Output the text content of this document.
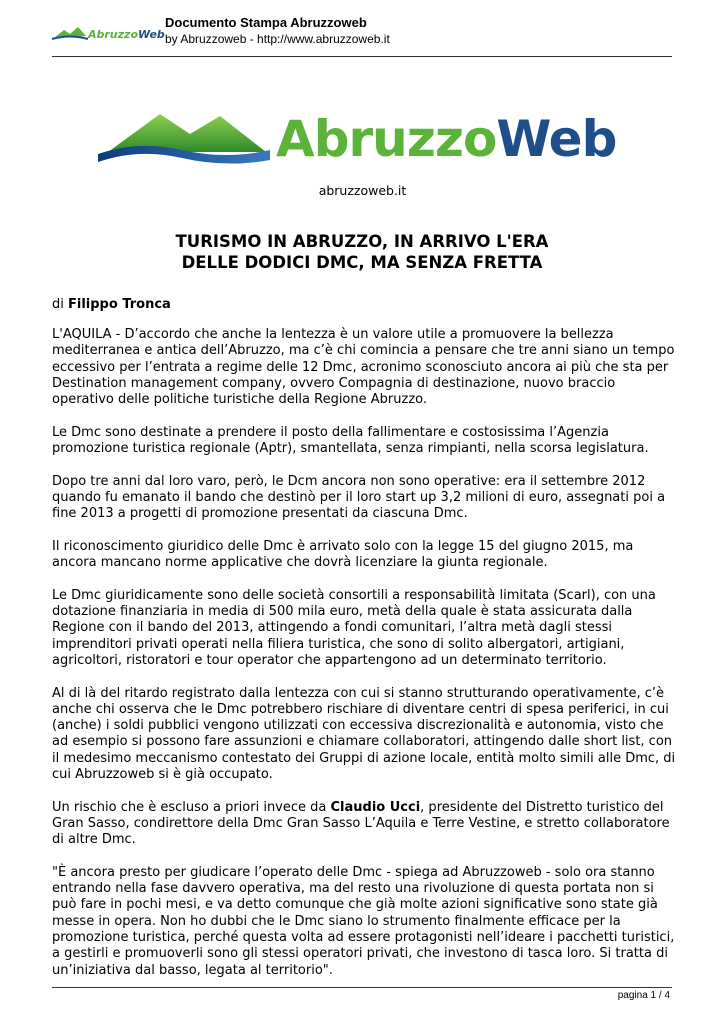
AbruzzoWeb
Documento Stampa Abruzzoweb
by Abruzzoweb - http://www.abruzzoweb.it
AbruzzoWeb
abruzzoweb.it
TURISMO IN ABRUZZO, IN ARRIVO L'ERA
DELLE DODICI DMC, MA SENZA FRETTA
di Filippo Tronca

L'AQUILA - D’accordo che anche la lentezza è un valore utile a promuovere la bellezza mediterranea e antica dell’Abruzzo, ma c’è chi comincia a pensare che tre anni siano un tempo eccessivo per l’entrata a regime delle 12 Dmc, acronimo sconosciuto ancora ai più che sta per Destination management company, ovvero Compagnia di destinazione, nuovo braccio operativo delle politiche turistiche della Regione Abruzzo.

Le Dmc sono destinate a prendere il posto della fallimentare e costosissima l’Agenzia promozione turistica regionale (Aptr), smantellata, senza rimpianti, nella scorsa legislatura.

Dopo tre anni dal loro varo, però, le Dcm ancora non sono operative: era il settembre 2012 quando fu emanato il bando che destinò per il loro start up 3,2 milioni di euro, assegnati poi a fine 2013 a progetti di promozione presentati da ciascuna Dmc.

Il riconoscimento giuridico delle Dmc è arrivato solo con la legge 15 del giugno 2015, ma ancora mancano norme applicative che dovrà licenziare la giunta regionale.

Le Dmc giuridicamente sono delle società consortili a responsabilità limitata (Scarl), con una dotazione finanziaria in media di 500 mila euro, metà della quale è stata assicurata dalla Regione con il bando del 2013, attingendo a fondi comunitari, l’altra metà dagli stessi imprenditori privati operati nella filiera turistica, che sono di solito albergatori, artigiani, agricoltori, ristoratori e tour operator che appartengono ad un determinato territorio.

Al di là del ritardo registrato dalla lentezza con cui si stanno strutturando operativamente, c’è anche chi osserva che le Dmc potrebbero rischiare di diventare centri di spesa periferici, in cui (anche) i soldi pubblici vengono utilizzati con eccessiva discrezionalità e autonomia, visto che ad esempio si possono fare assunzioni e chiamare collaboratori, attingendo dalle short list, con il medesimo meccanismo contestato dei Gruppi di azione locale, entità molto simili alle Dmc, di cui Abruzzoweb si è già occupato.

Un rischio che è escluso a priori invece da Claudio Ucci, presidente del Distretto turistico del Gran Sasso, condirettore della Dmc Gran Sasso L’Aquila e Terre Vestine, e stretto collaboratore di altre Dmc.

"È ancora presto per giudicare l’operato delle Dmc - spiega ad Abruzzoweb - solo ora stanno entrando nella fase davvero operativa, ma del resto una rivoluzione di questa portata non si può fare in pochi mesi, e va detto comunque che già molte azioni significative sono state già messe in opera. Non ho dubbi che le Dmc siano lo strumento finalmente efficace per la promozione turistica, perché questa volta ad essere protagonisti nell’ideare i pacchetti turistici, a gestirli e promuoverli sono gli stessi operatori privati, che investono di tasca loro. Si tratta di un’iniziativa dal basso, legata al territorio".

pagina 1 / 4
